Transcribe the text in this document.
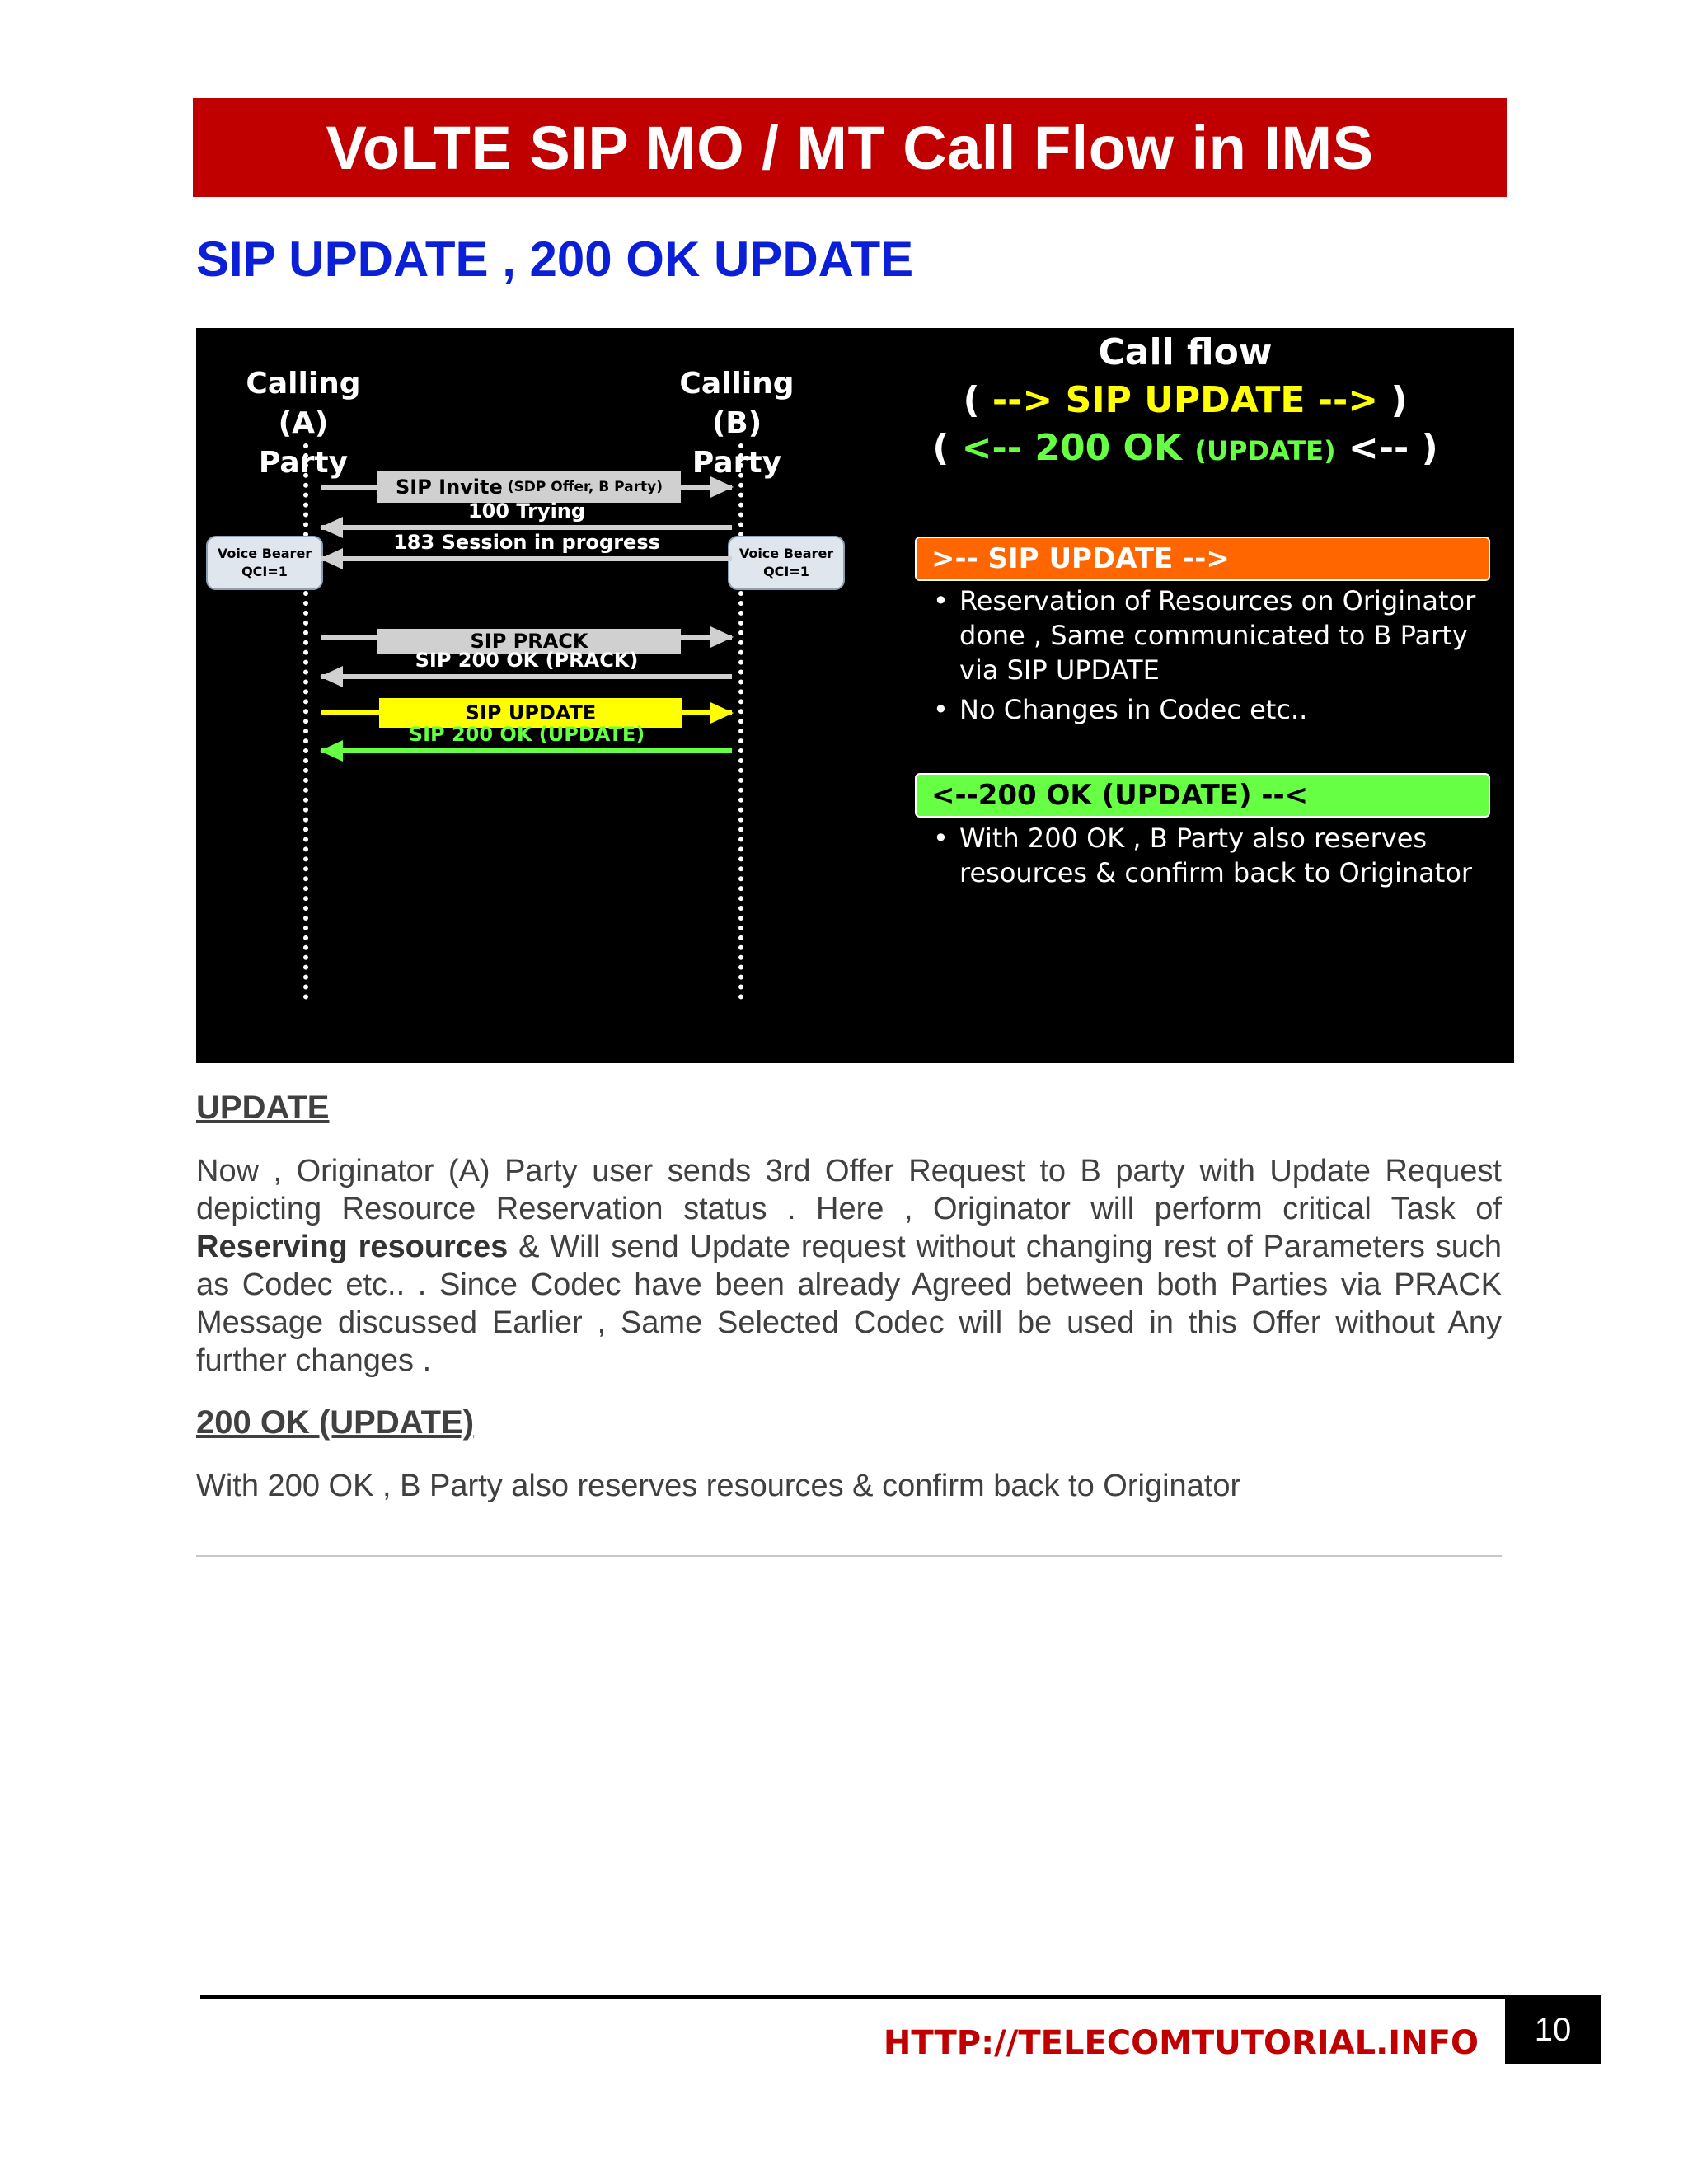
VoLTE SIP MO / MT Call Flow in IMS
SIP UPDATE , 200 OK UPDATE
Calling (A)
Party
Calling (B)
Party
Voice Bearer
QCI=1
Voice Bearer
QCI=1
SIP Invite (SDP Offer, B Party)
100 Trying
183 Session in progress
SIP PRACK
SIP 200 OK (PRACK)
SIP UPDATE
SIP 200 OK (UPDATE)
Call flow
( --> SIP UPDATE --> )
( <-- 200 OK (UPDATE) <-- )
>-- SIP UPDATE -->
• Reservation of Resources on Originator done , Same communicated to B Party via SIP UPDATE
• No Changes in Codec etc..
<--200 OK (UPDATE) --<
• With 200 OK , B Party also reserves resources & confirm back to Originator
UPDATE

Now , Originator (A) Party user sends 3rd Offer Request to B party with Update Request depicting Resource Reservation status . Here , Originator will perform critical Task of Reserving resources & Will send Update request without changing rest of Parameters such as Codec etc.. . Since Codec have been already Agreed between both Parties via PRACK Message discussed Earlier , Same Selected Codec will be used in this Offer without Any further changes .

200 OK (UPDATE)

With 200 OK , B Party also reserves resources & confirm back to Originator

HTTP://TELECOMTUTORIAL.INFO	10
